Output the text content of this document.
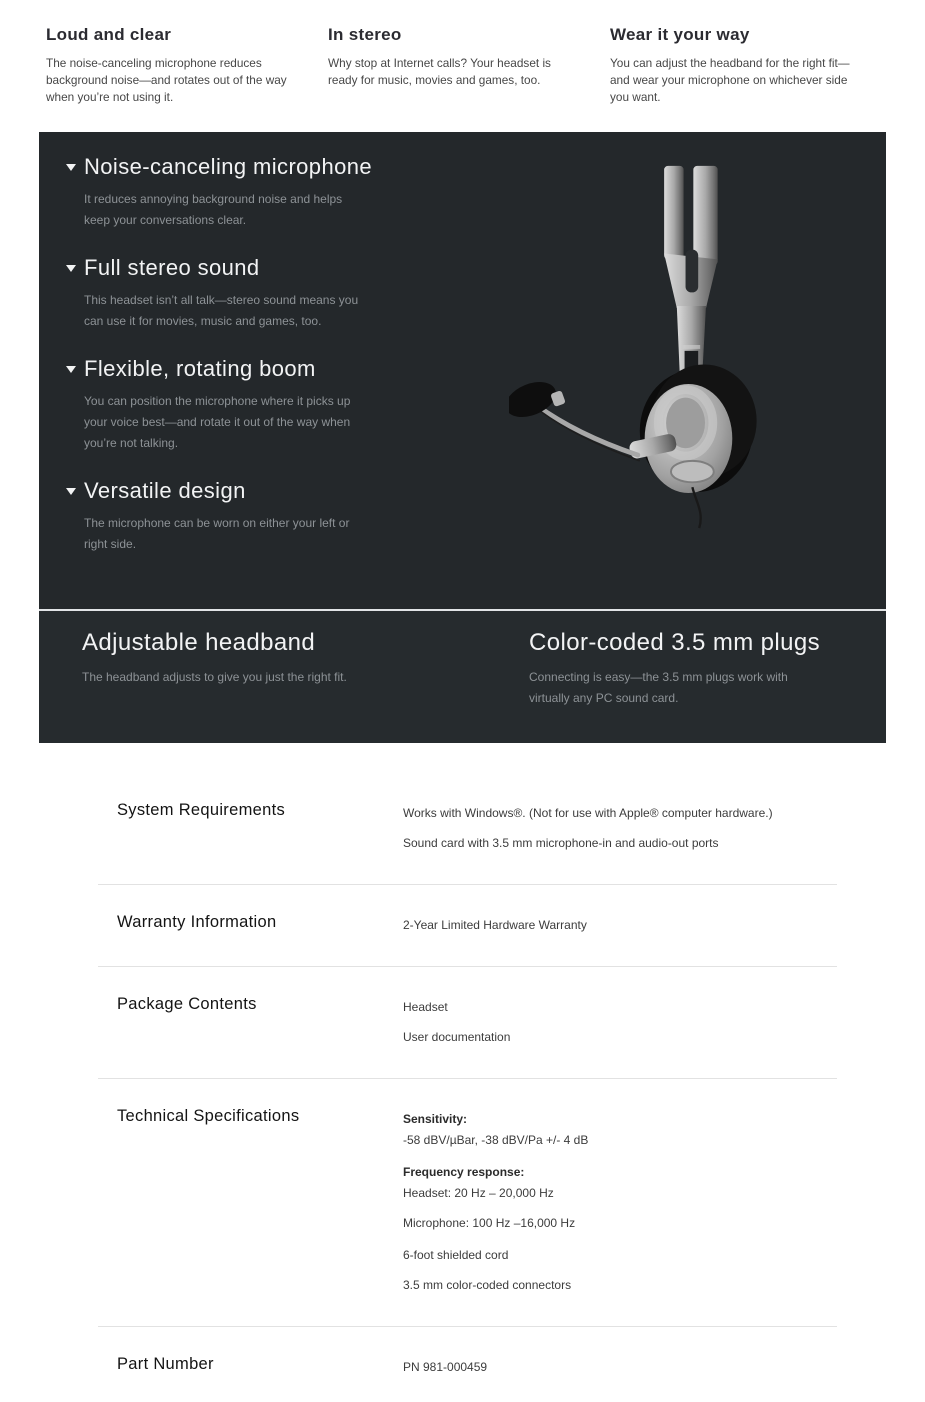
Loud and clear

The noise-canceling microphone reduces background noise—and rotates out of the way when you’re not using it.

In stereo

Why stop at Internet calls? Your headset is ready for music, movies and games, too.

Wear it your way

You can adjust the headband for the right fit—and wear your microphone on whichever side you want.

Noise-canceling microphone

It reduces annoying background noise and helps keep your conversations clear.

Full stereo sound

This headset isn’t all talk—stereo sound means you can use it for movies, music and games, too.

Flexible, rotating boom

You can position the microphone where it picks up your voice best—and rotate it out of the way when you’re not talking.

Versatile design

The microphone can be worn on either your left or right side.

Adjustable headband

The headband adjusts to give you just the right fit.

Color-coded 3.5 mm plugs

Connecting is easy—the 3.5 mm plugs work with virtually any PC sound card.

System Requirements	Works with Windows®. (Not for use with Apple® computer hardware.)

Sound card with 3.5 mm microphone-in and audio-out ports

Warranty Information	2-Year Limited Hardware Warranty

Package Contents	Headset

User documentation

Technical Specifications	Sensitivity:

-58 dBV/µBar, -38 dBV/Pa +/- 4 dB

Frequency response:

Headset: 20 Hz – 20,000 Hz

Microphone: 100 Hz –16,000 Hz

6-foot shielded cord

3.5 mm color-coded connectors

Part Number	PN 981-000459
